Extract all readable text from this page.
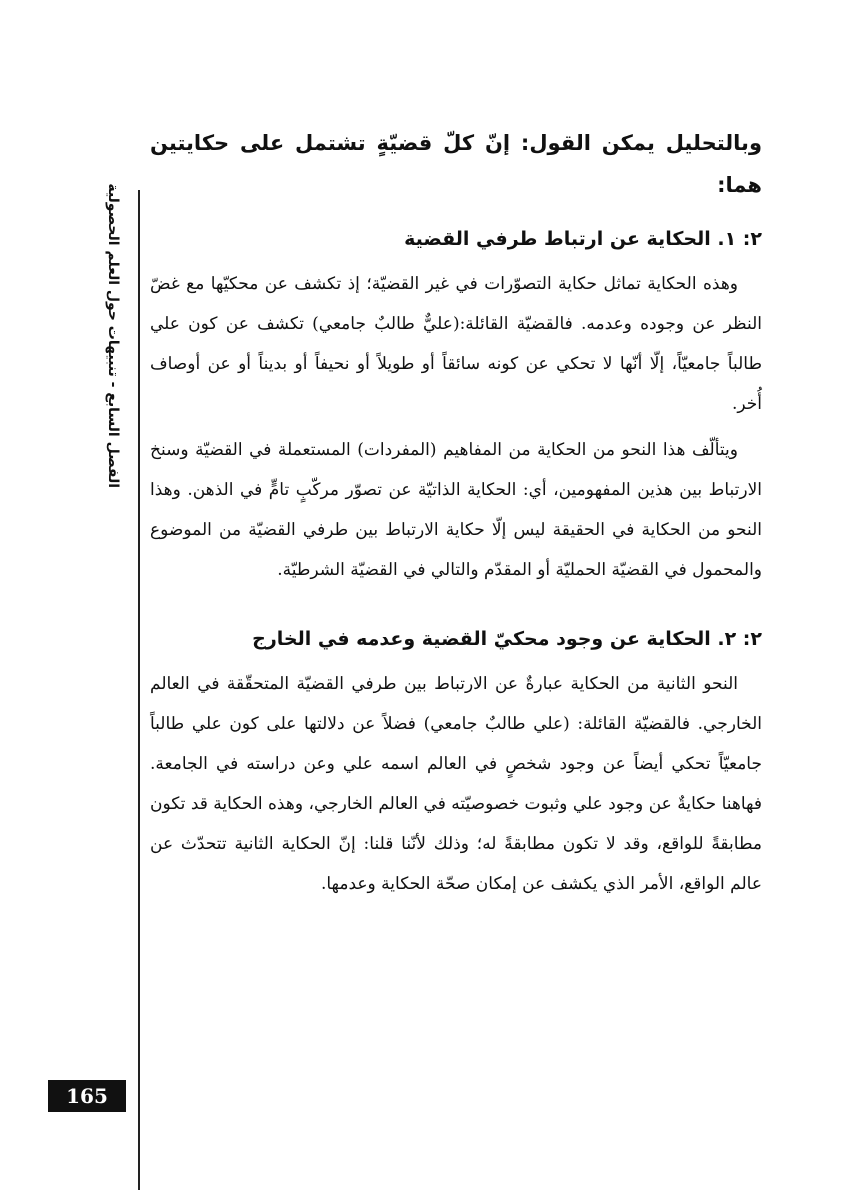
الفصل السابع - تنبيهات حول العلم الحصولية

وبالتحليل يمكن القول: إنّ كلّ قضيّةٍ تشتمل على حكايتين هما:

٢: ١. الحكاية عن ارتباط طرفي القضية

وهذه الحكاية تماثل حكاية التصوّرات في غير القضيّة؛ إذ تكشف عن محكيّها مع غضّ النظر عن وجوده وعدمه. فالقضيّة القائلة:(عليٌّ طالبٌ جامعي) تكشف عن كون علي طالباً جامعيّاً، إلّا أنّها لا تحكي عن كونه سائقاً أو طويلاً أو نحيفاً أو بديناً أو عن أوصاف أُخر.

ويتألّف هذا النحو من الحكاية من المفاهيم (المفردات) المستعملة في القضيّة وسنخ الارتباط بين هذين المفهومين، أي: الحكاية الذاتيّة عن تصوّر مركّبٍ تامٍّ في الذهن. وهذا النحو من الحكاية في الحقيقة ليس إلّا حكاية الارتباط بين طرفي القضيّة من الموضوع والمحمول في القضيّة الحمليّة أو المقدّم والتالي في القضيّة الشرطيّة.

٢: ٢. الحكاية عن وجود محكيّ القضية وعدمه في الخارج

النحو الثانية من الحكاية عبارةٌ عن الارتباط بين طرفي القضيّة المتحقّقة في العالم الخارجي. فالقضيّة القائلة: (علي طالبٌ جامعي) فضلاً عن دلالتها على كون علي طالباً جامعيّاً تحكي أيضاً عن وجود شخصٍ في العالم اسمه علي وعن دراسته في الجامعة. فهاهنا حكايةٌ عن وجود علي وثبوت خصوصيّته في العالم الخارجي، وهذه الحكاية قد تكون مطابقةً للواقع، وقد لا تكون مطابقةً له؛ وذلك لأنّنا قلنا: إنّ الحكاية الثانية تتحدّث عن عالم الواقع، الأمر الذي يكشف عن إمكان صحّة الحكاية وعدمها.

165
